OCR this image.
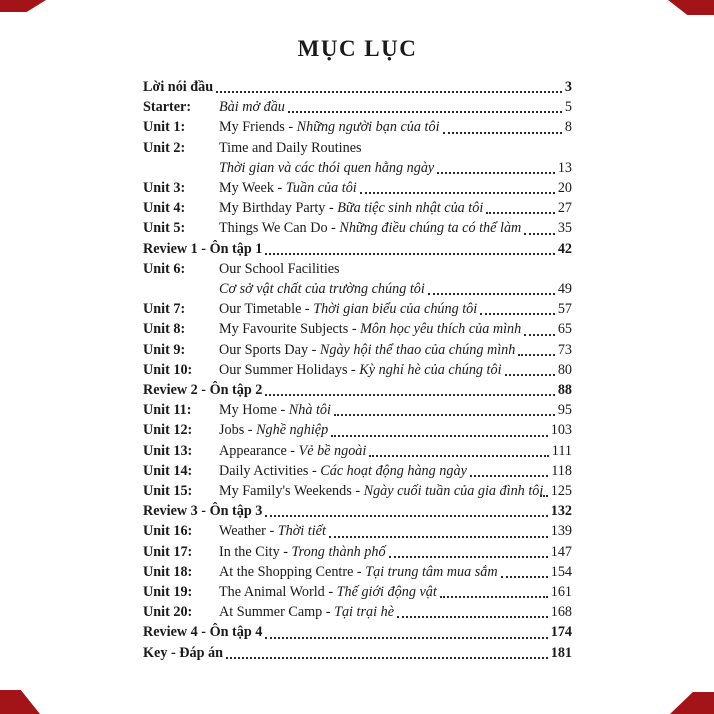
MỤC LỤC
Lời nói đầu	3
Starter:	Bài mở đầu	5
Unit 1:	My Friends - Những người bạn của tôi	8
Unit 2:	Time and Daily Routines
Thời gian và các thói quen hằng ngày	13
Unit 3:	My Week - Tuần của tôi	20
Unit 4:	My Birthday Party - Bữa tiệc sinh nhật của tôi	27
Unit 5:	Things We Can Do - Những điều chúng ta có thể làm	35
Review 1 - Ôn tập 1	42
Unit 6:	Our School Facilities
Cơ sở vật chất của trường chúng tôi	49
Unit 7:	Our Timetable - Thời gian biểu của chúng tôi	57
Unit 8:	My Favourite Subjects - Môn học yêu thích của mình	65
Unit 9:	Our Sports Day - Ngày hội thể thao của chúng mình	73
Unit 10:	Our Summer Holidays - Kỳ nghỉ hè của chúng tôi	80
Review 2 - Ôn tập 2	88
Unit 11:	My Home - Nhà tôi	95
Unit 12:	Jobs - Nghề nghiệp	103
Unit 13:	Appearance - Vẻ bề ngoài	111
Unit 14:	Daily Activities - Các hoạt động hàng ngày	118
Unit 15:	My Family's Weekends - Ngày cuối tuần của gia đình tôi 125
Review 3 - Ôn tập 3	132
Unit 16:	Weather - Thời tiết	139
Unit 17:	In the City - Trong thành phố	147
Unit 18:	At the Shopping Centre - Tại trung tâm mua sắm	154
Unit 19:	The Animal World - Thế giới động vật	161
Unit 20:	At Summer Camp - Tại trại hè	168
Review 4 - Ôn tập 4	174
Key - Đáp án	181
